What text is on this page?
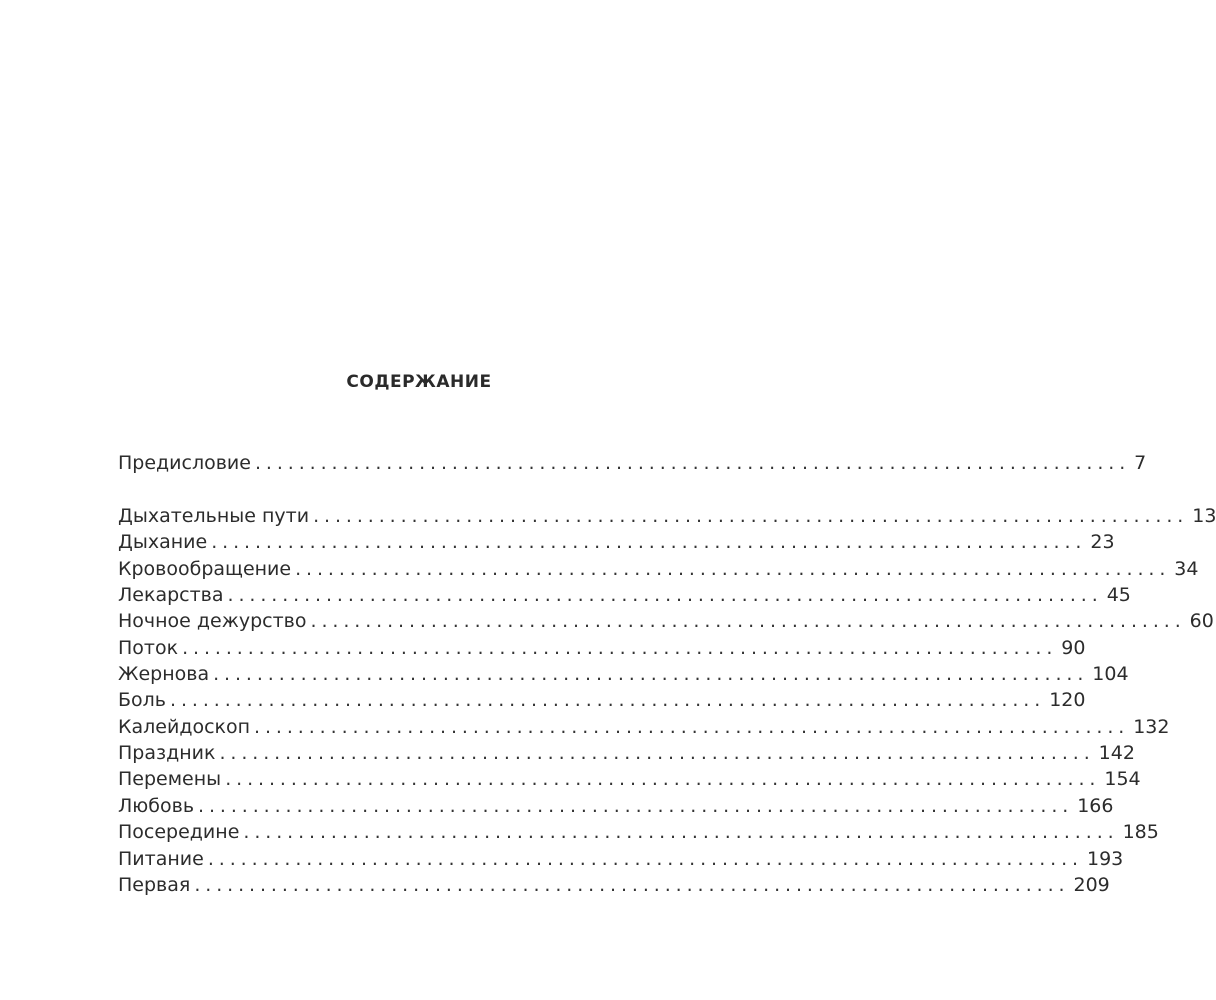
СОДЕРЖАНИЕ
Предисловие ................................................................................ 7
Дыхательные пути ................................................................................ 13
Дыхание ................................................................................ 23
Кровообращение ................................................................................ 34
Лекарства ................................................................................ 45
Ночное дежурство ................................................................................ 60
Поток ................................................................................ 90
Жернова ................................................................................ 104
Боль ................................................................................ 120
Калейдоскоп ................................................................................ 132
Праздник ................................................................................ 142
Перемены ................................................................................ 154
Любовь ................................................................................ 166
Посередине ................................................................................ 185
Питание ................................................................................ 193
Первая ................................................................................ 209
